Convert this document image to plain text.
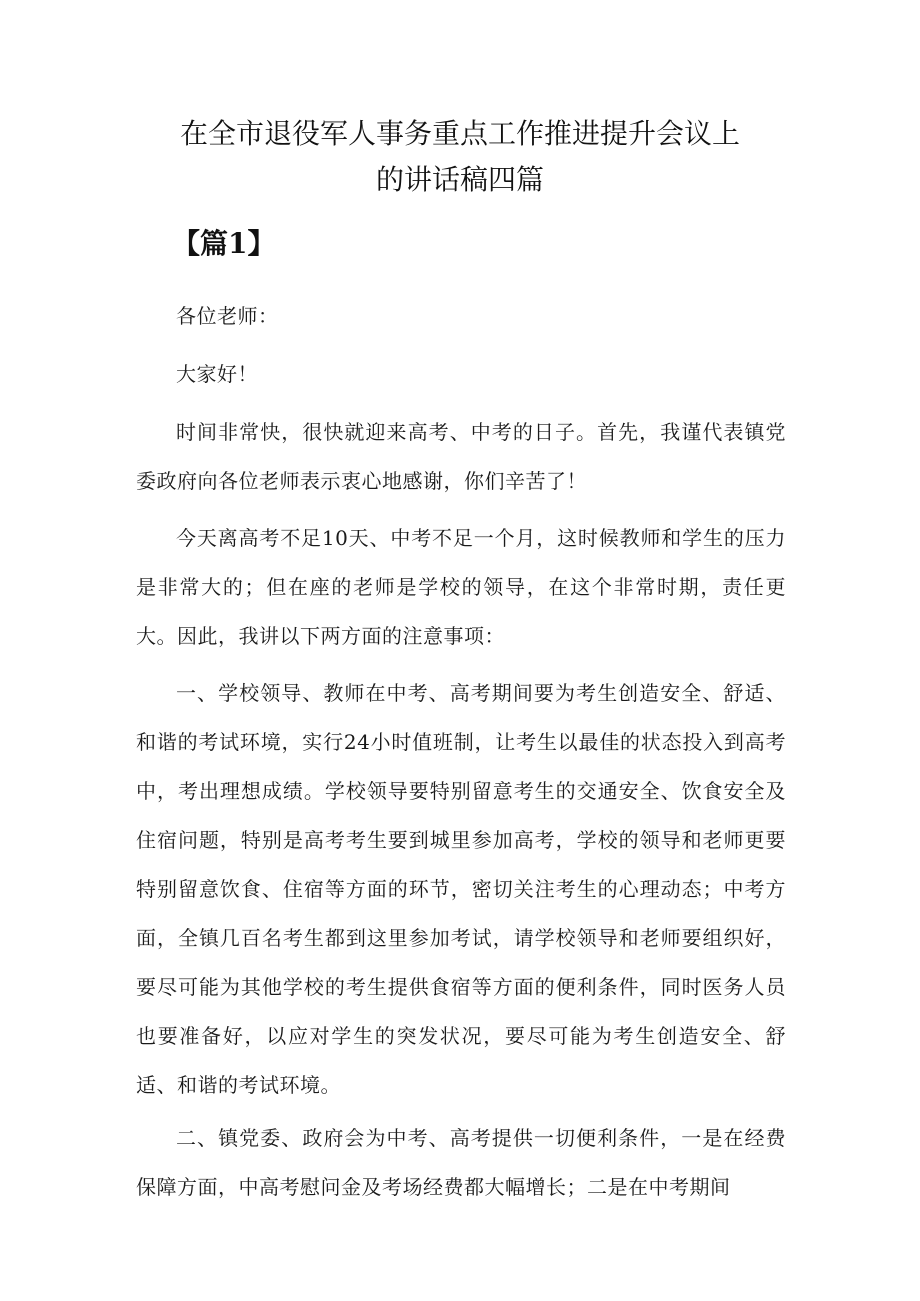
在全市退役军人事务重点工作推进提升会议上
的讲话稿四篇
【篇1】

各位老师：

大家好！

时间非常快，很快就迎来高考、中考的日子。首先，我谨代表镇党委政府向各位老师表示衷心地感谢，你们辛苦了！

今天离高考不足10天、中考不足一个月，这时候教师和学生的压力是非常大的；但在座的老师是学校的领导，在这个非常时期，责任更大。因此，我讲以下两方面的注意事项：

一、学校领导、教师在中考、高考期间要为考生创造安全、舒适、和谐的考试环境，实行24小时值班制，让考生以最佳的状态投入到高考中，考出理想成绩。学校领导要特别留意考生的交通安全、饮食安全及住宿问题，特别是高考考生要到城里参加高考，学校的领导和老师更要特别留意饮食、住宿等方面的环节，密切关注考生的心理动态；中考方面，全镇几百名考生都到这里参加考试，请学校领导和老师要组织好，要尽可能为其他学校的考生提供食宿等方面的便利条件，同时医务人员也要准备好，以应对学生的突发状况，要尽可能为考生创造安全、舒适、和谐的考试环境。

二、镇党委、政府会为中考、高考提供一切便利条件，一是在经费保障方面，中高考慰问金及考场经费都大幅增长；二是在中考期间
